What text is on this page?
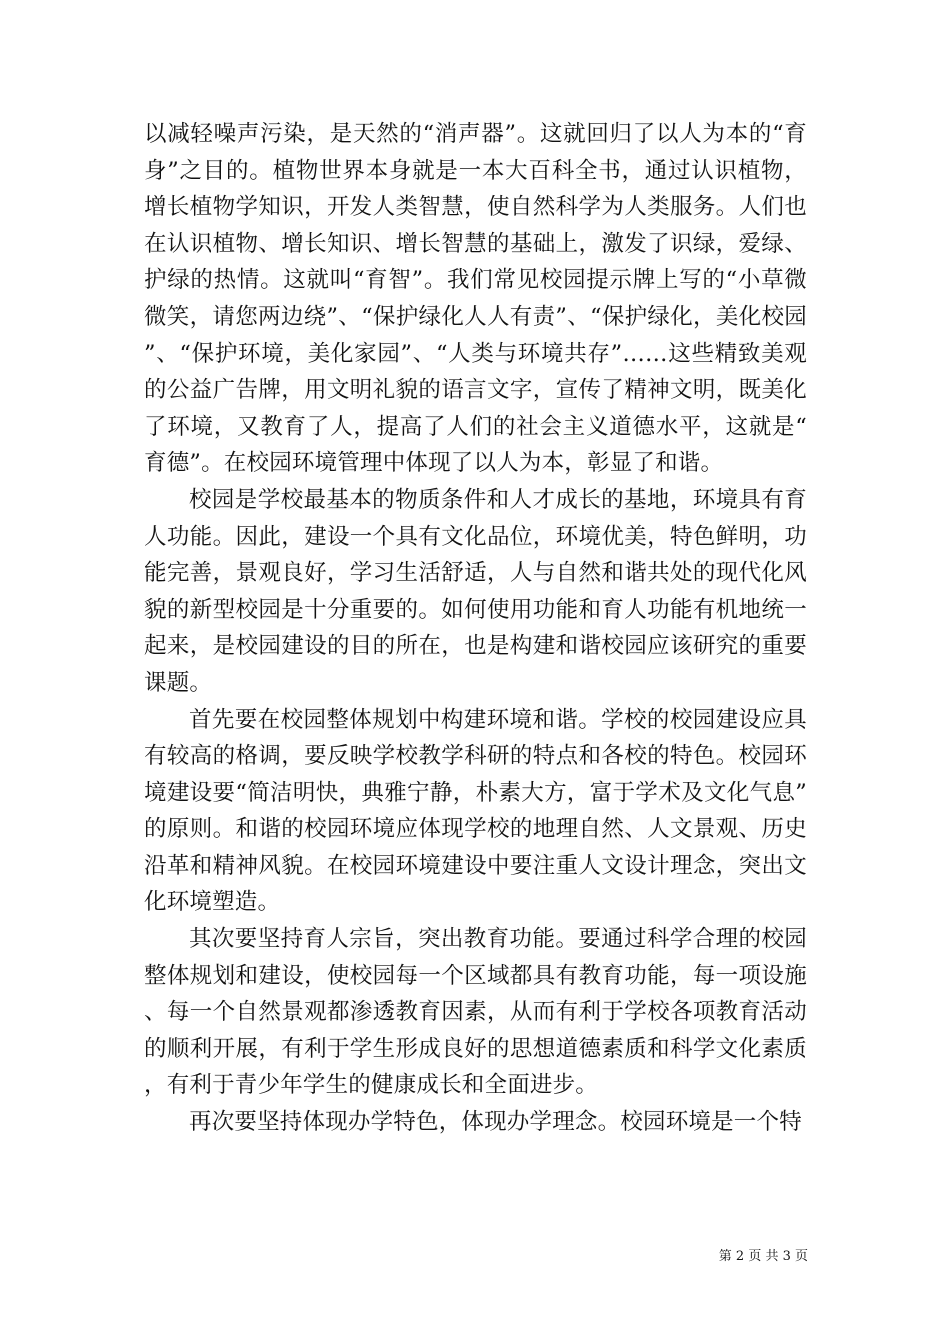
以减轻噪声污染，是天然的“消声器”。这就回归了以人为本的“育身”之目的。植物世界本身就是一本大百科全书，通过认识植物，增长植物学知识，开发人类智慧，使自然科学为人类服务。人们也在认识植物、增长知识、增长智慧的基础上，激发了识绿，爱绿、护绿的热情。这就叫“育智”。我们常见校园提示牌上写的“小草微微笑，请您两边绕”、“保护绿化人人有责”、“保护绿化，美化校园”、“保护环境，美化家园”、“人类与环境共存”……这些精致美观的公益广告牌，用文明礼貌的语言文字，宣传了精神文明，既美化了环境，又教育了人，提高了人们的社会主义道德水平，这就是“育德”。在校园环境管理中体现了以人为本，彰显了和谐。

校园是学校最基本的物质条件和人才成长的基地，环境具有育人功能。因此，建设一个具有文化品位，环境优美，特色鲜明，功能完善，景观良好，学习生活舒适，人与自然和谐共处的现代化风貌的新型校园是十分重要的。如何使用功能和育人功能有机地统一起来，是校园建设的目的所在，也是构建和谐校园应该研究的重要课题。

首先要在校园整体规划中构建环境和谐。学校的校园建设应具有较高的格调，要反映学校教学科研的特点和各校的特色。校园环境建设要“简洁明快，典雅宁静，朴素大方，富于学术及文化气息”的原则。和谐的校园环境应体现学校的地理自然、人文景观、历史沿革和精神风貌。在校园环境建设中要注重人文设计理念，突出文化环境塑造。

其次要坚持育人宗旨，突出教育功能。要通过科学合理的校园整体规划和建设，使校园每一个区域都具有教育功能，每一项设施、每一个自然景观都渗透教育因素，从而有利于学校各项教育活动的顺利开展，有利于学生形成良好的思想道德素质和科学文化素质，有利于青少年学生的健康成长和全面进步。

再次要坚持体现办学特色，体现办学理念。校园环境是一个特

第 2 页 共 3 页
